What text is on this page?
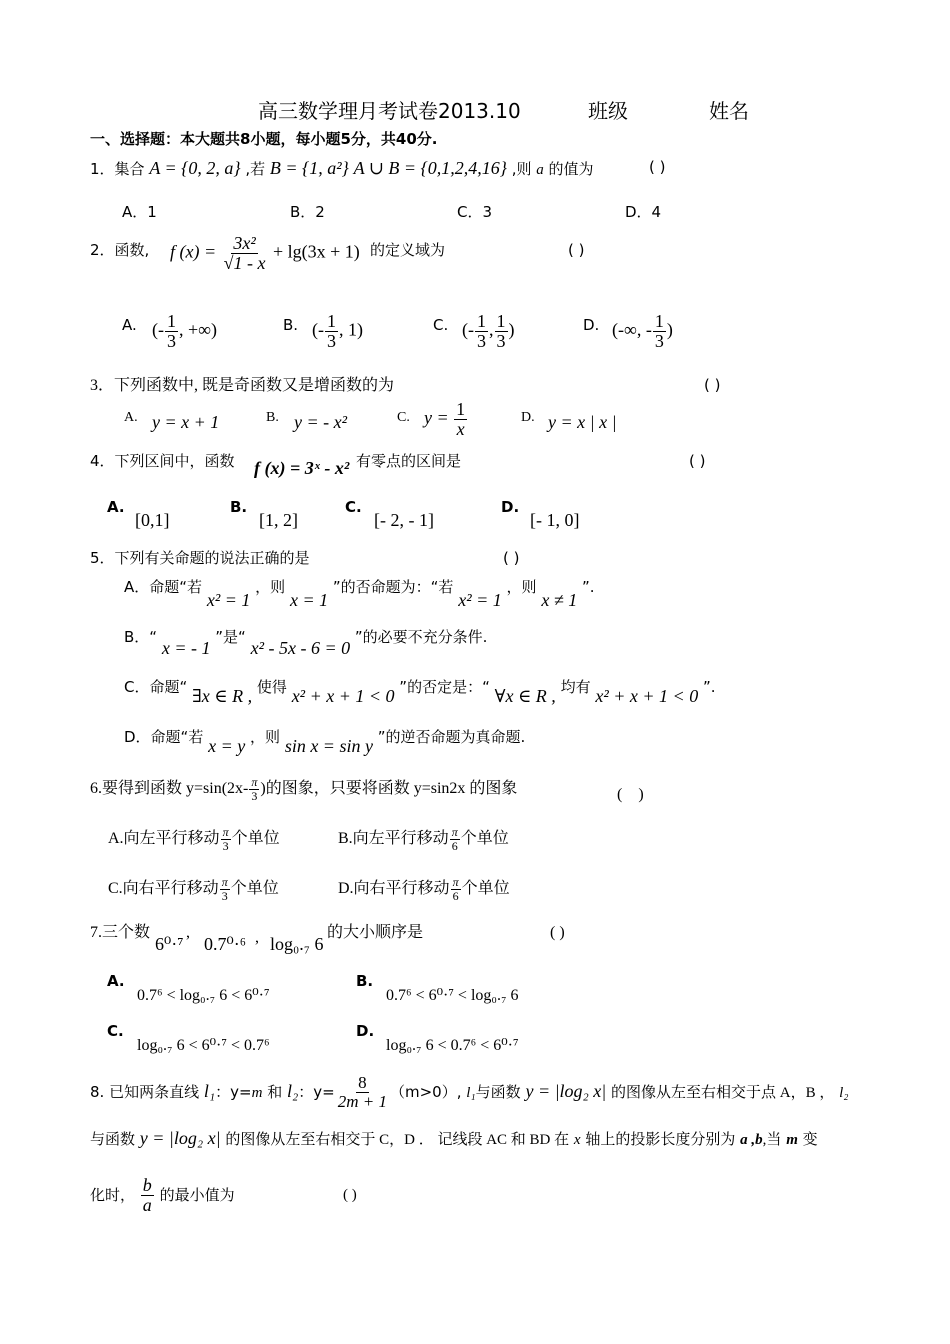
高三数学理月考试卷2013.10	班级	姓名
一、选择题：本大题共8小题，每小题5分，共40分.
1．集合 A = {0, 2, a} ,若 B = {1, a²} A ∪ B = {0,1,2,4,16} ,则 a 的值为	( )
A．1	B．2	C．3	D．4
2．函数, f $(x) = \frac{\text{3x²}}{√1 - x} + \lg(3x + 1)$ 的定义域为	( )
A. (- $\frac{1}{3}$ , +∞)	B. (- $\frac{1}{3}$ , 1)	C. (- $\frac{1}{3}$ , $\frac{1}{3}$ )	D. (-∞, - $\frac{1}{3}$ )
3．下列函数中, 既是奇函数又是增函数的为	( )
A. y = x + 1	B. y = - x²	C. $y = \frac{1}{x}$	D. y = x | x |
4．下列区间中，函数 f (x) = 3ˣ - x² 有零点的区间是	( )
A.
[0,1]
B.
[1, 2]
C.
[- 2, - 1]
D.
[- 1, 0]
5．下列有关命题的说法正确的是	( )
A．命题“若 x² = 1 ，则 x = 1 ”的否命题为：“若 x² = 1 ，则 x ≠ 1 ”.
B．“ x = - 1 ”是“ x² - 5x - 6 = 0 ”的必要不充分条件.
C．命题“ ∃x ∈ R , 使得 x² + x + 1 < 0 ”的否定是：“ ∀x ∈ R , 均有 x² + x + 1 < 0 ”.
D．命题“若 x = y ，则 sin x = sin y ”的逆否命题为真命题.
6.要得到函数 $y=\sin(2x- \frac{\pi}{3}$ )的图象，只要将函数 y=sin2x 的图象	(    )
A.向左平行移动 $\frac{\pi}{3}$ 个单位	B.向左平行移动 $\frac{\pi}{6}$ 个单位
C.向右平行移动 $\frac{\pi}{3}$ 个单位	D.向右平行移动 $\frac{\pi}{6}$ 个单位
7.三个数
6⁰·⁷
,
0.7⁰·⁶ , log₀.₇ 6
的大小顺序是	( )
A.
0.7⁶ < log₀.₇ 6 < 6⁰·⁷
B.
0.7⁶ < 6⁰·⁷ < log₀.₇ 6
C.
log₀.₇ 6 < 6⁰·⁷ < 0.7⁶
D.
log₀.₇ 6 < 0.7⁶ < 6⁰·⁷
8. 已知两条直线 l₁：y=m 和 l₂：$y= \frac{8}{2m + 1} (m>0)$, l₁与函数 y = |log₂ x| 的图像从左至右相交于点 A，B ， l₂
与函数 y = |log₂ x| 的图像从左至右相交于 C，D ． 记线段 AC 和 BD 在 x 轴上的投影长度分别为 a ,b,当 m 变
化时， $\frac{b}{a}$ 的最小值为	( )
